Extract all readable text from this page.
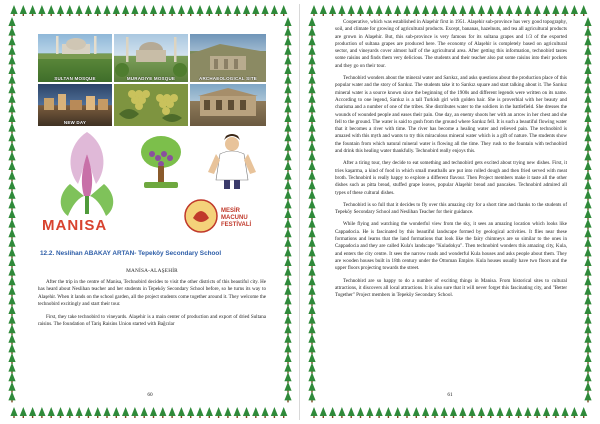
SULTAN MOSQUE	MURADIYE MOSQUE	ARCHAEOLOGICAL SITE
NEW DAY
MANISA
MESİR MACUNU FESTİVALİ
12.2. Neslihan ABAKAY ARTAN- Tepeköy Secondary School
MANİSA-ALAŞEHİR

After the trip in the centre of Manisa, Technobird decides to visit the other districts of this beautiful city. He has heard about Neslihan teacher and her students in Tepeköy Secondary School before, so he turns its way to Alaşehir. When it lands on the school garden, all the project students come together around it. They welcome the technobird excitingly and start their tour.

First, they take technobird to vineyards. Alaşehir is a main center of production and export of dried Sultana raisins. The foundation of Tariş Raisins Union started with Bağcılar

60

Cooperative, which was established in Alaşehir first in 1951. Alaşehir sub-province has very good topography, soil, and climate for growing of agricultural products. Except, bananas, hazelnuts, and tea all agricultural products are grown in Alaşehir. But, this sub-province is very famous for its sultana grapes and 1/3 of the exported production of sultana grapes are produced here. The economy of Alaşehir is completely based on agricultural sector, and vineyards cover almost half of the agricultural area. After getting this information, technobird tastes some raisins and finds them very delicious. The students and their teacher also put some raisins into their pockets and they go on their tour.

Technobird wonders about the mineral water and Sarıkız, and asks questions about the production place of this popular water and the story of Sarıkız. The students take it to Sarıkız square and start talking about it. The Sarıkız mineral water is a source known since the beginning of the 1900s and different legends were written on its name. According to one legend, Sarıkız is a tall Turkish girl with golden hair. She is proverbial with her beauty and charisma and a number of one of the tribes. She distributes water to the soldiers in the battlefield. She dresses the wounds of wounded people and eases their pain. One day, an enemy shoots her with an arrow in her chest and she fell to the ground. The water is said to gush from the ground where Sarıkız fell. It is such a beautiful flowing water that it becomes a river with time. The river has become a healing water and relieved pain. The technobird is amazed with this myth and wants to try this miraculous mineral water which is a gift of nature. The students show the fountain from which natural mineral water is flowing all the time. They rush to the fountain with technobird and drink this healing water thankfully. Technobird really enjoys this.

After a tiring tour, they decide to eat something and technobird gets excited about trying new dishes. First, it tries kaşarma, a kind of food in which small meatballs are put into rolled dough and then fried served with meat broth. Technobird is really happy to explore a different flavour. Then Project members make it taste all the other dishes such as pitta bread, stuffed grape leaves, popular Alaşehir bread and pancakes. Technobird admired all types of these cultural dishes.

Technobird is so full that it decides to fly over this amazing city for a short time and thanks to the students of Tepeköy Secondary School and Neslihan Teacher for their guidance.

While flying and watching the wonderful view from the sky, it sees an amazing location which looks like Cappadocia. He is fascinated by this beautiful landscape formed by geological activities. It flies near these formations and learns that the land formations that look like the fairy chimneys are so similar to the ones in Cappadocia and they are called Kula's landscape "Kuladokya". Then technobird wonders this amazing city, Kula, and enters the city centre. It sees the narrow roads and wonderful Kula houses and asks people about them. They are wooden houses built in 18th century under the Ottoman Empire. Kula houses usually have two floors and the upper floors projecting towards the street.

Technobird are so happy to do a number of exciting things in Manisa. From historical sites to cultural attractions, it discovers all local attractions. It is also sure that it will never forget this fascinating city, and "Better Together" Project members in Tepeköy Secondary School.

61
